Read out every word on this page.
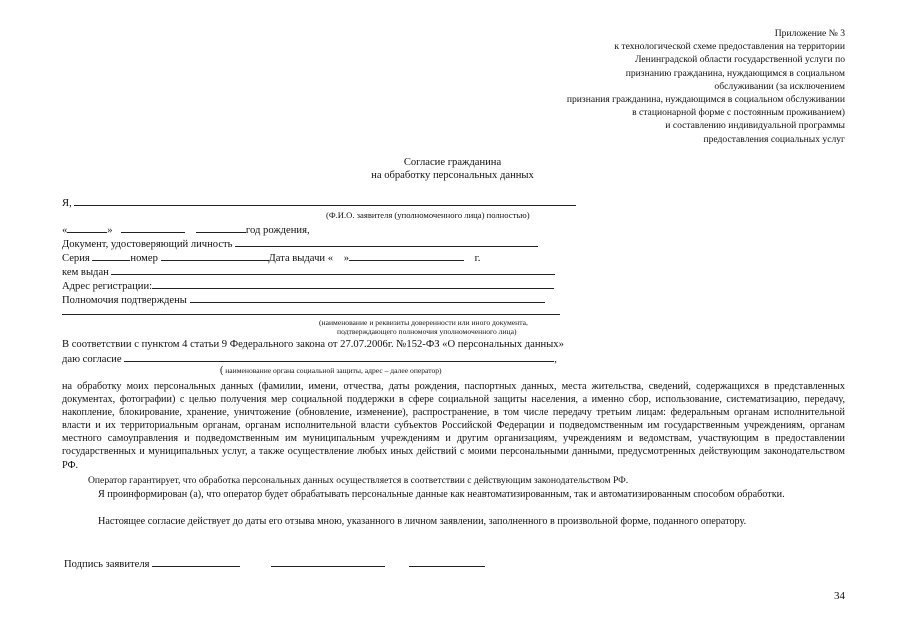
Приложение № 3
к технологической схеме предоставления на территории
Ленинградской области государственной услуги по
признанию гражданина, нуждающимся в социальном
обслуживании (за исключением
признания гражданина, нуждающимся в социальном обслуживании
в стационарной форме с постоянным проживанием)
и составлению индивидуальной программы
предоставления социальных услуг
Согласие гражданина
на обработку персональных данных
Я,
(Ф.И.О. заявителя (уполномоченного лица) полностью)
«	»	год рождения,
Документ, удостоверяющий личность
Серия	номер	Дата выдачи « »	г.
кем выдан
Адрес регистрации:
Полномочия подтверждены
(наименование и реквизиты доверенности или иного документа,
подтверждающего полномочия уполномоченного лица)
В соответствии с пунктом 4 статьи 9 Федерального закона от 27.07.2006г. №152-ФЗ «О персональных данных»
даю согласие	,
( наименование органа социальной защиты, адрес – далее оператор)
на обработку моих персональных данных (фамилии, имени, отчества, даты рождения, паспортных данных, места жительства, сведений, содержащихся в представленных документах, фотографии) с целью получения мер социальной поддержки в сфере социальной защиты населения, а именно сбор, использование, систематизацию, передачу, накопление, блокирование, хранение, уничтожение (обновление, изменение), распространение, в том числе передачу третьим лицам: федеральным органам исполнительной власти и их территориальным органам, органам исполнительной власти субъектов Российской Федерации и подведомственным им государственным учреждениям, органам местного самоуправления и подведомственным им муниципальным учреждениям и другим организациям, учреждениям и ведомствам, участвующим в предоставлении государственных и муниципальных услуг, а также осуществление любых иных действий с моими персональными данными, предусмотренных действующим законодательством РФ.
Оператор гарантирует, что обработка персональных данных осуществляется в соответствии с действующим законодательством РФ.
Я проинформирован (а), что оператор будет обрабатывать персональные данные как неавтоматизированным, так и автоматизированным способом обработки.
Настоящее согласие действует до даты его отзыва мною, указанного в личном заявлении, заполненного в произвольной форме, поданного оператору.
Подпись заявителя
34
